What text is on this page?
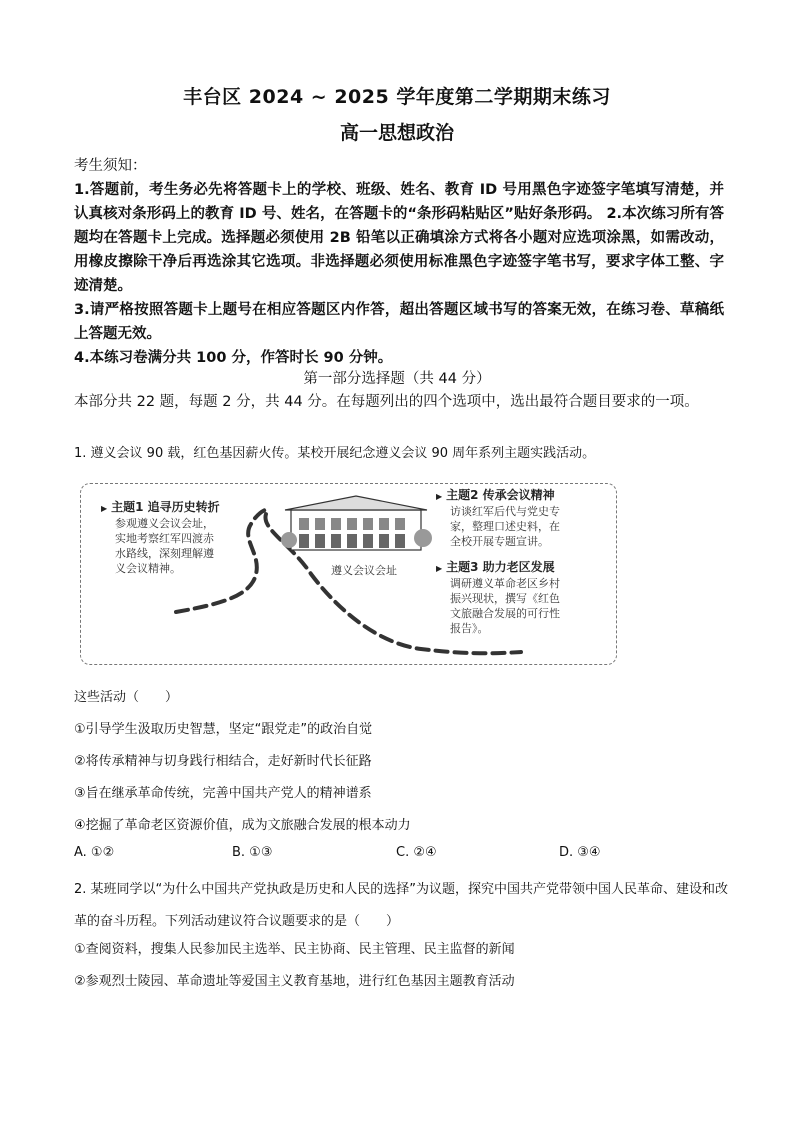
丰台区 2024 ~ 2025 学年度第二学期期末练习
高一思想政治

考生须知：

1.答题前，考生务必先将答题卡上的学校、班级、姓名、教育 ID 号用黑色字迹签字笔填写清楚，并认真核对条形码上的教育 ID 号、姓名，在答题卡的“条形码粘贴区”贴好条形码。 2.本次练习所有答题均在答题卡上完成。选择题必须使用 2B 铅笔以正确填涂方式将各小题对应选项涂黑，如需改动，用橡皮擦除干净后再选涂其它选项。非选择题必须使用标准黑色字迹签字笔书写，要求字体工整、字迹清楚。

3.请严格按照答题卡上题号在相应答题区内作答，超出答题区域书写的答案无效，在练习卷、草稿纸上答题无效。

4.本练习卷满分共 100 分，作答时长 90 分钟。

第一部分选择题（共 44 分）
本部分共 22 题，每题 2 分，共 44 分。在每题列出的四个选项中，选出最符合题目要求的一项。
1. 遵义会议 90 载，红色基因薪火传。某校开展纪念遵义会议 90 周年系列主题实践活动。
▶ 主题1 追寻历史转折
参观遵义会议会址，
实地考察红军四渡赤
水路线，深刻理解遵
义会议精神。	遵义会议会址
▶ 主题2 传承会议精神
访谈红军后代与党史专
家，整理口述史料，在
全校开展专题宣讲。
▶ 主题3 助力老区发展
调研遵义革命老区乡村
振兴现状，撰写《红色
文旅融合发展的可行性
报告》。
这些活动（　　）
①引导学生汲取历史智慧，坚定“跟党走”的政治自觉
②将传承精神与切身践行相结合，走好新时代长征路
③旨在继承革命传统，完善中国共产党人的精神谱系
④挖掘了革命老区资源价值，成为文旅融合发展的根本动力
A. ①②	B. ①③	C. ②④	D. ③④
2. 某班同学以“为什么中国共产党执政是历史和人民的选择”为议题，探究中国共产党带领中国人民革命、建设和改革的奋斗历程。下列活动建议符合议题要求的是（　　）
①查阅资料，搜集人民参加民主选举、民主协商、民主管理、民主监督的新闻
②参观烈士陵园、革命遗址等爱国主义教育基地，进行红色基因主题教育活动
